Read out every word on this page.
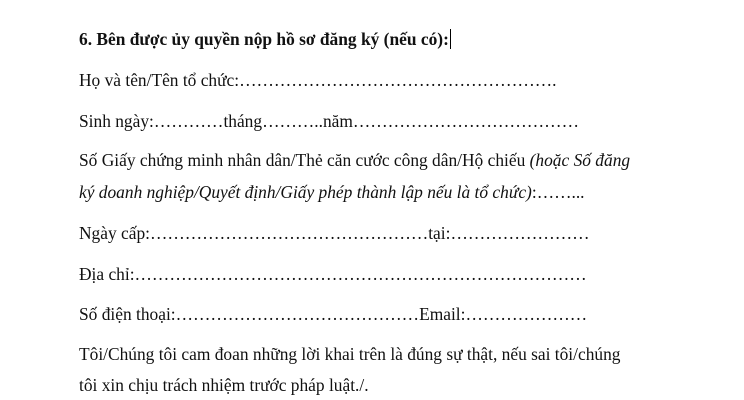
6. Bên được ủy quyền nộp hồ sơ đăng ký (nếu có):
Họ và tên/Tên tổ chức:……………………………………………….
Sinh ngày:…………tháng………..năm…………………………………
Số Giấy chứng minh nhân dân/Thẻ căn cước công dân/Hộ chiếu (hoặc Số đăng
ký doanh nghiệp/Quyết định/Giấy phép thành lập nếu là tổ chức):……...
Ngày cấp:…………………………………………tại:……………………
Địa chỉ:……………………………………………………………………
Số điện thoại:……………………………………Email:…………………
Tôi/Chúng tôi cam đoan những lời khai trên là đúng sự thật, nếu sai tôi/chúng
tôi xin chịu trách nhiệm trước pháp luật./.
